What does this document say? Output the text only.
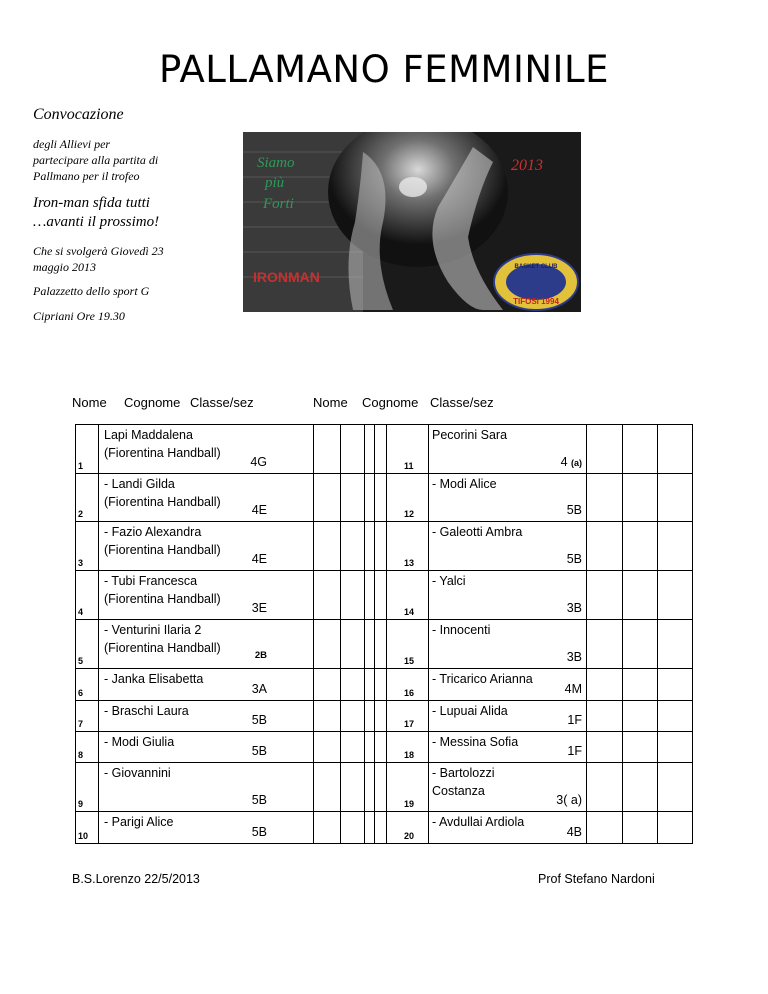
PALLAMANO FEMMINILE
Convocazione
degli Allievi per
partecipare alla partita di
Pallmano per il trofeo
Iron-man sfida tutti
…avanti il prossimo!
Che si svolgerà Giovedì 23
maggio 2013
Palazzetto dello sport G
Cipriani Ore 19.30
Siamo
più
Forti
IRONMAN
2013
BASKET CLUB
TIFOSI 1994
Nome Cognome Classe/sez	Nome Cognome Classe/sez
1
Lapi Maddalena
(Fiorentina Handball)
4G
2
- Landi Gilda
(Fiorentina Handball)
4E
3
- Fazio Alexandra
(Fiorentina Handball)
4E
4
- Tubi Francesca
(Fiorentina Handball)
3E
5
- Venturini Ilaria 2
(Fiorentina Handball)
2B
6
- Janka Elisabetta
3A
7
- Braschi Laura
5B
8
- Modi Giulia
5B
9
- Giovannini
5B
10
- Parigi Alice
5B
11
Pecorini Sara
4 (a)
12
- Modi Alice
5B
13
- Galeotti Ambra
5B
14
- Yalci
3B
15
- Innocenti
3B
16
- Tricarico Arianna
4M
17
- Lupuai Alida
1F
18
- Messina Sofia
1F
19
- Bartolozzi
Costanza
3( a)
20
- Avdullai Ardiola
4B
B.S.Lorenzo 22/5/2013	Prof Stefano Nardoni
